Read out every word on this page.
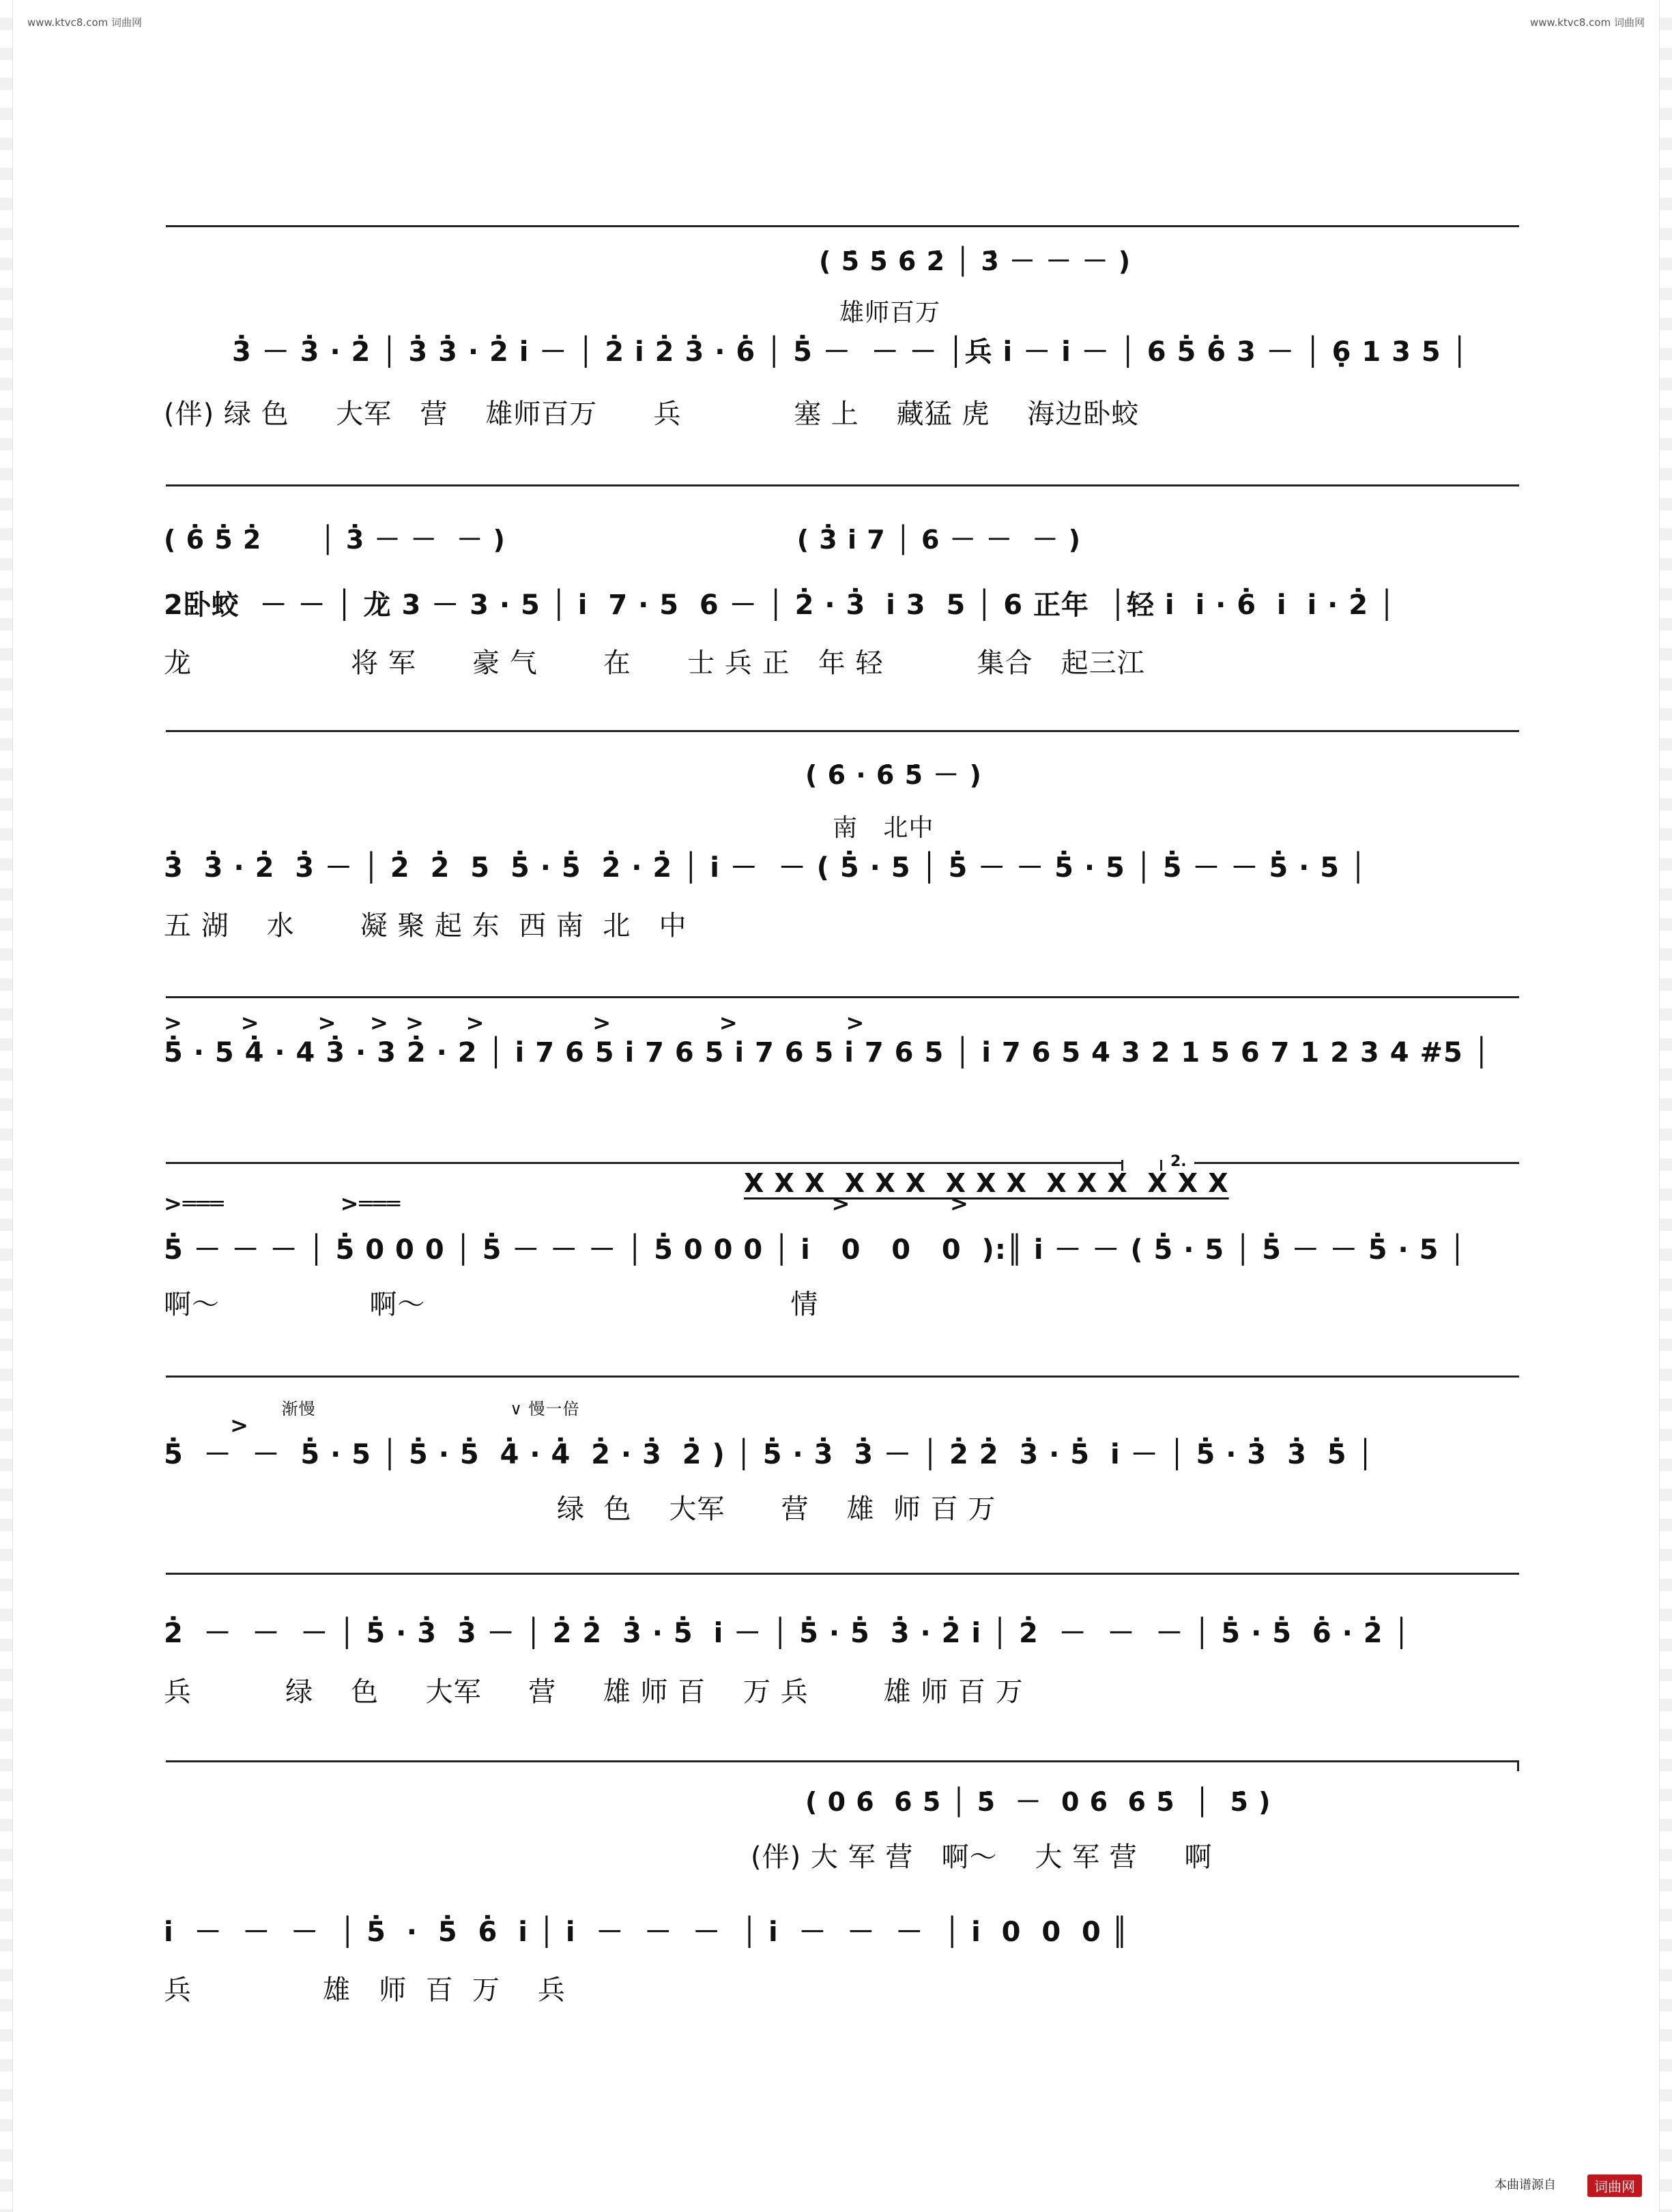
www.ktvc8.com 词曲网	www.ktvc8.com 词曲网
( 5̇ 5̇ 6̇ 2̇ │ 3̇ － － － )
雄师百万
3̇ － 3̇ · 2̇ │ 3̇ 3̇ · 2̇ i̇ － │ 2̇ i̇ 2̇ 3̇ · 6̇ │ 5̇ －  － － │兵 i̇ － i̇ － │ 6 5̇ 6̇ 3 － │ 6̣ 1 3 5 │
(伴) 绿 色     大军   营    雄师百万      兵            塞 上    藏猛 虎    海边卧蛟
( 6̇ 5̇ 2̇      │ 3̇ － －  － )                              ( 3̇ i̇ 7 │ 6 － －  － )
2卧蛟  － － │ 龙 3 － 3 · 5 │ i̇  7 · 5  6 － │ 2̇ · 3̇  i̇ 3  5 │ 6 正年  │轻 i̇  i̇ · 6̇  i̇  i̇ · 2̇ │
龙                 将 军      豪 气       在      士 兵 正   年 轻          集合   起三江
( 6̇ · 6̇ 5̇ － )
南   北中
3̇  3̇ · 2̇  3̇ － │ 2̇  2̇  5  5̇ · 5̇  2̇ · 2̇ │ i̇ －  － ( 5̇ · 5 │ 5̇ － － 5̇ · 5 │ 5̇ － － 5̇ · 5 │
五 湖    水       凝 聚 起 东  西 南  北   中
>       >       >    >  >     >             >             >             >
5̇ · 5 4̇ · 4 3̇ · 3 2̇ · 2 │ i̇ 7 6 5 i̇ 7 6 5 i̇ 7 6 5 i̇ 7 6 5 │ i̇ 7 6 5 4 3 2 1 5 6 7 1 2 3 4 #5 │
2.
X X X  X X X  X X X  X X X  X X X
>═══              >═══                                                    >            >
5̇ － － － │ 5̇ 0 0 0 │ 5̇ － － － │ 5̇ 0 0 0 │ i̇   0   0   0  ):║ i̇ － － ( 5̇ · 5 │ 5̇ － － 5̇ · 5 │
啊～                啊～                                       情
渐慢                                 ∨ 慢一倍
>
5̇  －  －  5̇ · 5 │ 5̇ · 5̇  4̇ · 4̇  2̇ · 3̇  2̇ ) │ 5̇ · 3̇  3̇ － │ 2̇ 2̇  3̇ · 5̇  i̇ － │ 5̇ · 3̇  3̇  5̇ │
绿  色    大军      营    雄  师 百 万
2̇  －  －  － │ 5̇ · 3̇  3̇ － │ 2̇ 2̇  3̇ · 5̇  i̇ － │ 5̇ · 5̇  3̇ · 2̇ i̇ │ 2̇  －  －  － │ 5̇ · 5̇  6̇ · 2̇ │
兵          绿    色     大军     营     雄 师 百    万 兵        雄 师 百 万
( 0 6̇  6̇ 5̇ │ 5̇  －  0 6̇  6̇ 5̇  │  5̇ )
(伴) 大 军 营   啊～    大 军 营     啊
i̇  －  －  －  │ 5̇  ·  5̇  6̇  i̇ │ i̇  －  －  －  │ i̇  －  －  －  │ i̇  0  0  0 ║
兵              雄   师  百  万    兵
本曲谱源自	词曲网
